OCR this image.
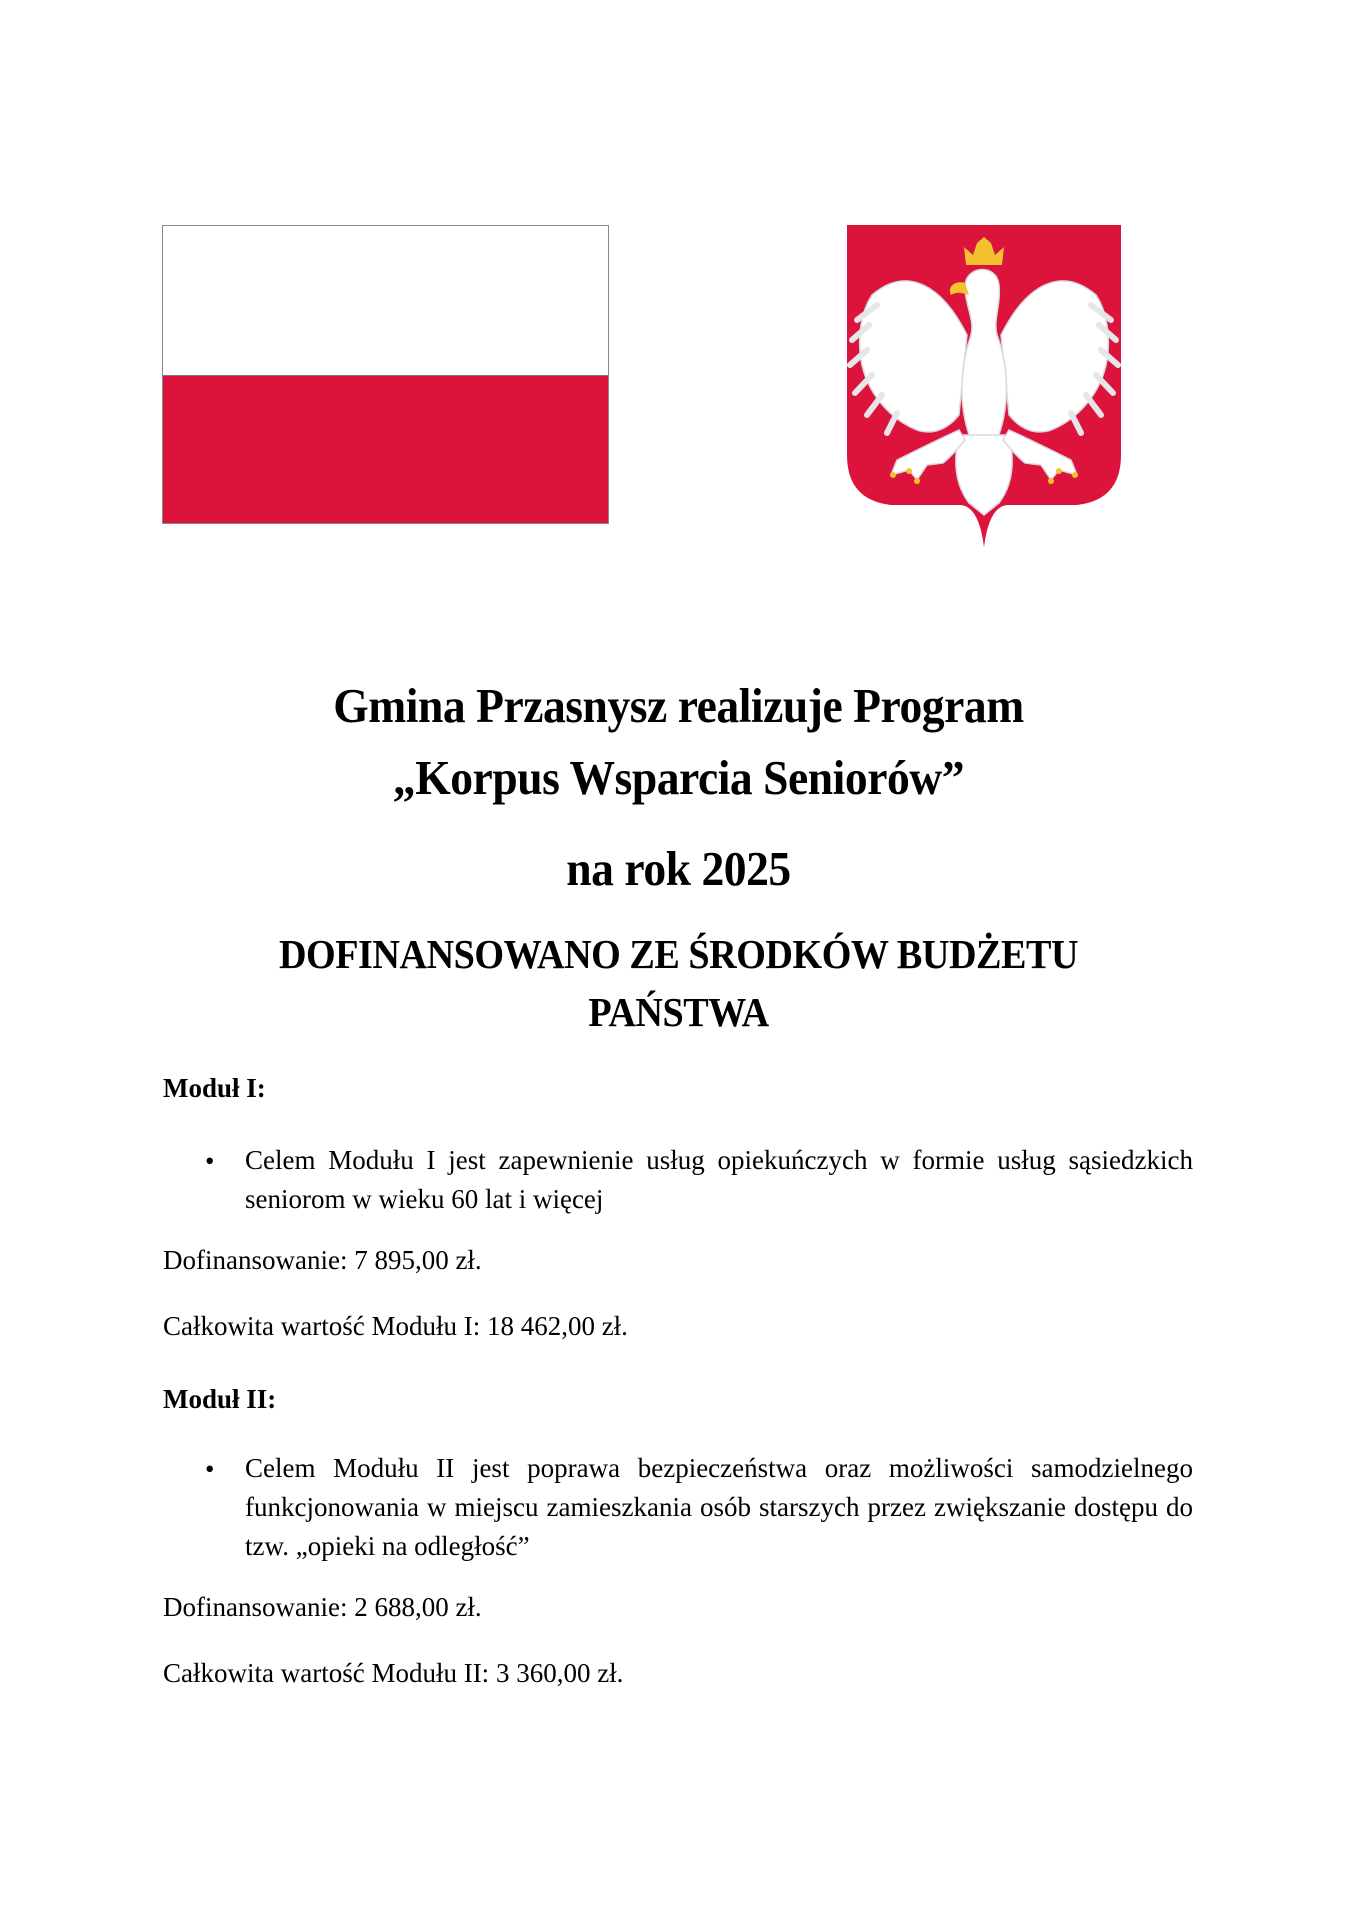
Gmina Przasnysz realizuje Program
„Korpus Wsparcia Seniorów”
na rok 2025
DOFINANSOWANO ZE ŚRODKÓW BUDŻETU
PAŃSTWA
Moduł I:
• Celem Modułu I jest zapewnienie usług opiekuńczych w formie usług sąsiedzkich seniorom w wieku 60 lat i więcej
Dofinansowanie: 7 895,00 zł.
Całkowita wartość Modułu I: 18 462,00 zł.
Moduł II:
• Celem Modułu II jest poprawa bezpieczeństwa oraz możliwości samodzielnego funkcjonowania w miejscu zamieszkania osób starszych przez zwiększanie dostępu do tzw. „opieki na odległość”
Dofinansowanie: 2 688,00 zł.
Całkowita wartość Modułu II: 3 360,00 zł.
